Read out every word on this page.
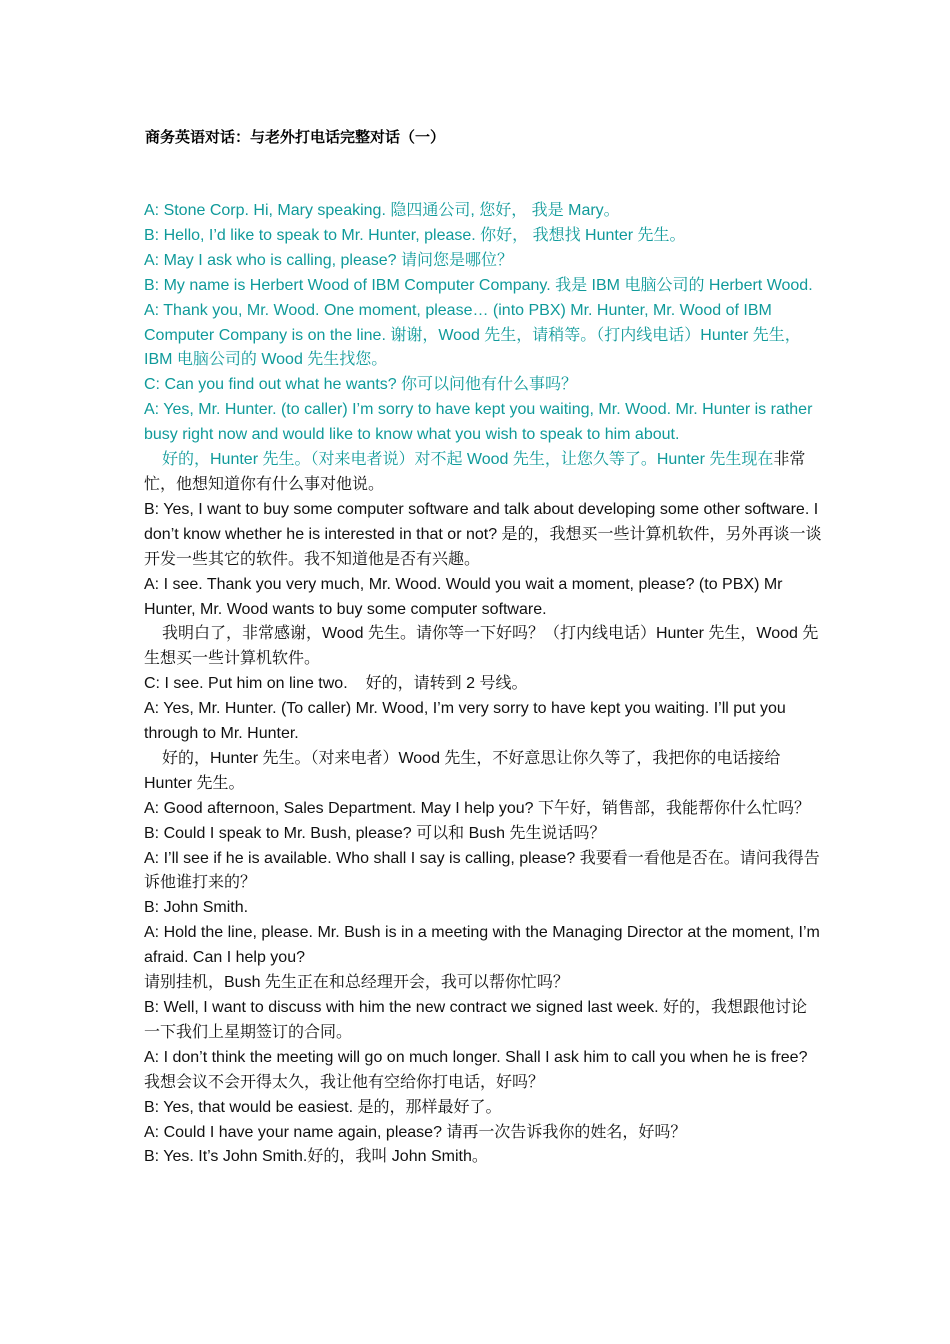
商务英语对话：与老外打电话完整对话（一）

A: Stone Corp. Hi, Mary speaking. 隐四通公司, 您好， 我是 Mary。

B: Hello, I’d like to speak to Mr. Hunter, please. 你好， 我想找 Hunter 先生。

A: May I ask who is calling, please? 请问您是哪位？

B: My name is Herbert Wood of IBM Computer Company. 我是 IBM 电脑公司的 Herbert Wood.

A: Thank you, Mr. Wood. One moment, please… (into PBX) Mr. Hunter, Mr. Wood of IBM Computer Company is on the line. 谢谢，Wood 先生，请稍等。（打内线电话）Hunter 先生，IBM 电脑公司的 Wood 先生找您。

C: Can you find out what he wants? 你可以问他有什么事吗？

A: Yes, Mr. Hunter. (to caller) I’m sorry to have kept you waiting, Mr. Wood. Mr. Hunter is rather busy right now and would like to know what you wish to speak to him about.

好的，Hunter 先生。（对来电者说）对不起 Wood 先生，让您久等了。Hunter 先生现在非常忙，他想知道你有什么事对他说。

B: Yes, I want to buy some computer software and talk about developing some other software. I don’t know whether he is interested in that or not? 是的，我想买一些计算机软件，另外再谈一谈开发一些其它的软件。我不知道他是否有兴趣。

A: I see. Thank you very much, Mr. Wood. Would you wait a moment, please? (to PBX) Mr Hunter, Mr. Wood wants to buy some computer software.

我明白了，非常感谢，Wood 先生。请你等一下好吗？（打内线电话）Hunter 先生，Wood 先生想买一些计算机软件。

C: I see. Put him on line two. 好的，请转到 2 号线。

A: Yes, Mr. Hunter. (To caller) Mr. Wood, I’m very sorry to have kept you waiting. I’ll put you through to Mr. Hunter.

好的，Hunter 先生。（对来电者）Wood 先生，不好意思让你久等了，我把你的电话接给 Hunter 先生。

A: Good afternoon, Sales Department. May I help you? 下午好，销售部，我能帮你什么忙吗？

B: Could I speak to Mr. Bush, please? 可以和 Bush 先生说话吗？

A: I’ll see if he is available. Who shall I say is calling, please? 我要看一看他是否在。请问我得告诉他谁打来的？

B: John Smith.

A: Hold the line, please. Mr. Bush is in a meeting with the Managing Director at the moment, I’m afraid. Can I help you?

请别挂机，Bush 先生正在和总经理开会，我可以帮你忙吗？

B: Well, I want to discuss with him the new contract we signed last week. 好的，我想跟他讨论一下我们上星期签订的合同。

A: I don’t think the meeting will go on much longer. Shall I ask him to call you when he is free? 我想会议不会开得太久，我让他有空给你打电话，好吗？

B: Yes, that would be easiest. 是的，那样最好了。

A: Could I have your name again, please? 请再一次告诉我你的姓名，好吗？

B: Yes. It’s John Smith.好的，我叫 John Smith。
